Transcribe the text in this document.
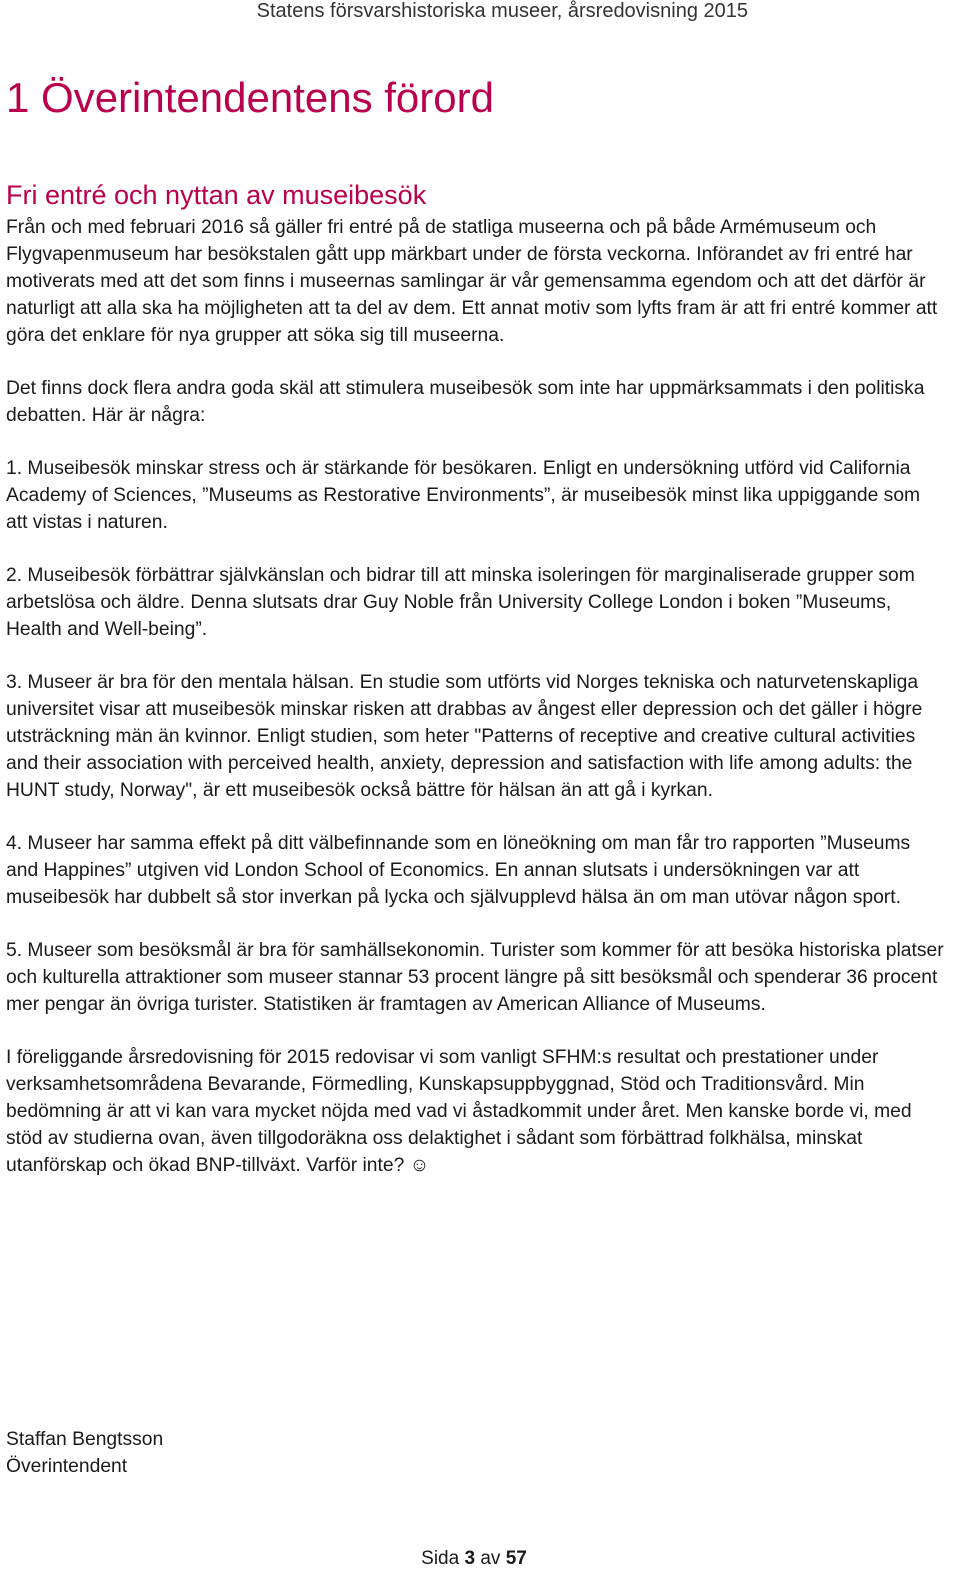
Statens försvarshistoriska museer, årsredovisning 2015
1 Överintendentens förord
Fri entré och nyttan av museibesök

Från och med februari 2016 så gäller fri entré på de statliga museerna och på både Armémuseum och Flygvapenmuseum har besökstalen gått upp märkbart under de första veckorna. Införandet av fri entré har motiverats med att det som finns i museernas samlingar är vår gemensamma egendom och att det därför är naturligt att alla ska ha möjligheten att ta del av dem. Ett annat motiv som lyfts fram är att fri entré kommer att göra det enklare för nya grupper att söka sig till museerna.

Det finns dock flera andra goda skäl att stimulera museibesök som inte har uppmärksammats i den politiska debatten. Här är några:

1. Museibesök minskar stress och är stärkande för besökaren. Enligt en undersökning utförd vid California Academy of Sciences, ”Museums as Restorative Environments”, är museibesök minst lika uppiggande som att vistas i naturen.

2. Museibesök förbättrar självkänslan och bidrar till att minska isoleringen för marginaliserade grupper som arbetslösa och äldre. Denna slutsats drar Guy Noble från University College London i boken ”Museums, Health and Well-being”.

3. Museer är bra för den mentala hälsan. En studie som utförts vid Norges tekniska och naturvetenskapliga universitet visar att museibesök minskar risken att drabbas av ångest eller depression och det gäller i högre utsträckning män än kvinnor. Enligt studien, som heter "Patterns of receptive and creative cultural activities and their association with perceived health, anxiety, depression and satisfaction with life among adults: the HUNT study, Norway", är ett museibesök också bättre för hälsan än att gå i kyrkan.

4. Museer har samma effekt på ditt välbefinnande som en löneökning om man får tro rapporten ”Museums and Happines” utgiven vid London School of Economics. En annan slutsats i undersökningen var att museibesök har dubbelt så stor inverkan på lycka och självupplevd hälsa än om man utövar någon sport.

5. Museer som besöksmål är bra för samhällsekonomin. Turister som kommer för att besöka historiska platser och kulturella attraktioner som museer stannar 53 procent längre på sitt besöksmål och spenderar 36 procent mer pengar än övriga turister. Statistiken är framtagen av American Alliance of Museums.

I föreliggande årsredovisning för 2015 redovisar vi som vanligt SFHM:s resultat och prestationer under verksamhetsområdena Bevarande, Förmedling, Kunskapsuppbyggnad, Stöd och Traditionsvård. Min bedömning är att vi kan vara mycket nöjda med vad vi åstadkommit under året. Men kanske borde vi, med stöd av studierna ovan, även tillgodoräkna oss delaktighet i sådant som förbättrad folkhälsa, minskat utanförskap och ökad BNP-tillväxt. Varför inte? ☺

Staffan Bengtsson
Överintendent
Sida 3 av 57
